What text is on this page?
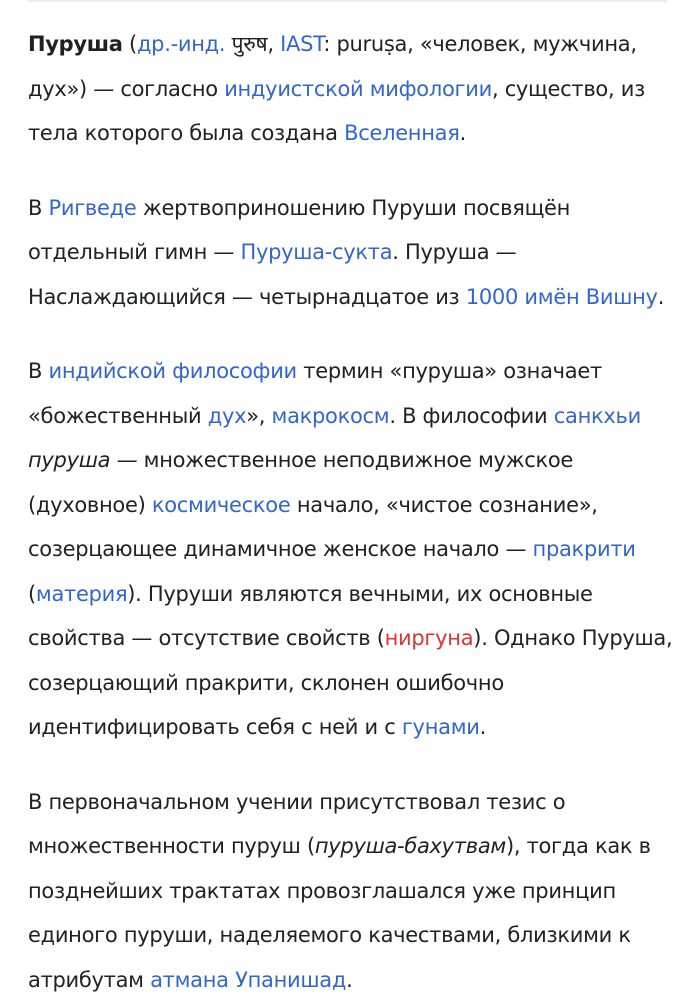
Пуруша (др.-инд. पुरुष, IAST: puruṣa, «человек, мужчина, дух») — согласно индуистской мифологии, существо, из тела которого была создана Вселенная.

В Ригведе жертвоприношению Пуруши посвящён отдельный гимн — Пуруша-сукта. Пуруша — Наслаждающийся — четырнадцатое из 1000 имён Вишну.

В индийской философии термин «пуруша» означает «божественный дух», макрокосм. В философии санкхьи пуруша — множественное неподвижное мужское (духовное) космическое начало, «чистое сознание», созерцающее динамичное женское начало — пракрити (материя). Пуруши являются вечными, их основные свойства — отсутствие свойств (ниргуна). Однако Пуруша, созерцающий пракрити, склонен ошибочно идентифицировать себя с ней и с гунами.

В первоначальном учении присутствовал тезис о множественности пуруш (пуруша-бахутвам), тогда как в позднейших трактатах провозглашался уже принцип единого пуруши, наделяемого качествами, близкими к атрибутам атмана Упанишад.
